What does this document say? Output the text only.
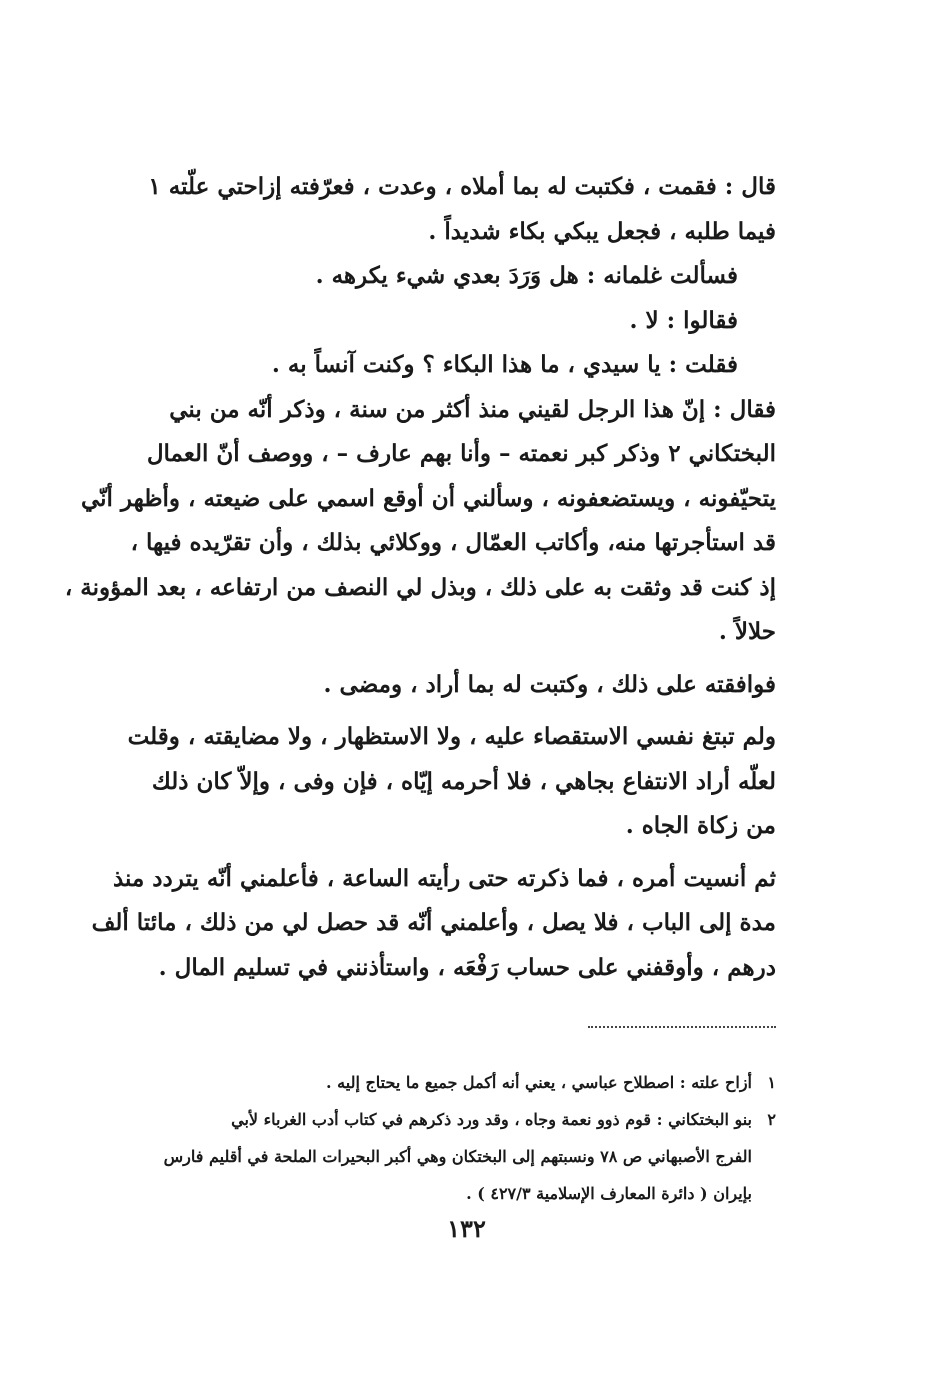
قال : فقمت ، فكتبت له بما أملاه ، وعدت ، فعرّفته إزاحتي علّته ١
فيما طلبه ، فجعل يبكي بكاء شديداً .

فسألت غلمانه : هل وَرَدَ بعدي شيء يكرهه .

فقالوا : لا .

فقلت : يا سيدي ، ما هذا البكاء ؟ وكنت آنساً به .

فقال : إنّ هذا الرجل لقيني منذ أكثر من سنة ، وذكر أنّه من بني
البختكاني ٢ وذكر كبر نعمته – وأنا بهم عارف – ، ووصف أنّ العمال
يتحيّفونه ، ويستضعفونه ، وسألني أن أوقع اسمي على ضيعته ، وأظهر أنّي
قد استأجرتها منه، وأكاتب العمّال ، ووكلائي بذلك ، وأن تقرّيده فيها ،
إذ كنت قد وثقت به على ذلك ، وبذل لي النصف من ارتفاعه ، بعد المؤونة ،
حلالاً .

فوافقته على ذلك ، وكتبت له بما أراد ، ومضى .

ولم تبتغ نفسي الاستقصاء عليه ، ولا الاستظهار ، ولا مضايقته ، وقلت
لعلّه أراد الانتفاع بجاهي ، فلا أحرمه إيّاه ، فإن وفى ، وإلاّ كان ذلك
من زكاة الجاه .

ثم أنسيت أمره ، فما ذكرته حتى رأيته الساعة ، فأعلمني أنّه يتردد منذ
مدة إلى الباب ، فلا يصل ، وأعلمني أنّه قد حصل لي من ذلك ، مائتا ألف
درهم ، وأوقفني على حساب رَفْعَه ، واستأذنني في تسليم المال .

١أزاح علته : اصطلاح عباسي ، يعني أنه أكمل جميع ما يحتاج إليه .

٢بنو البختكاني : قوم ذوو نعمة وجاه ، وقد ورد ذكرهم في كتاب أدب الغرباء لأبي
الفرج الأصبهاني ص ٧٨ ونسبتهم إلى البختكان وهي أكبر البحيرات الملحة في أقليم فارس
بإيران ( دائرة المعارف الإسلامية ٤٢٧/٣ ) .

١٣٢
